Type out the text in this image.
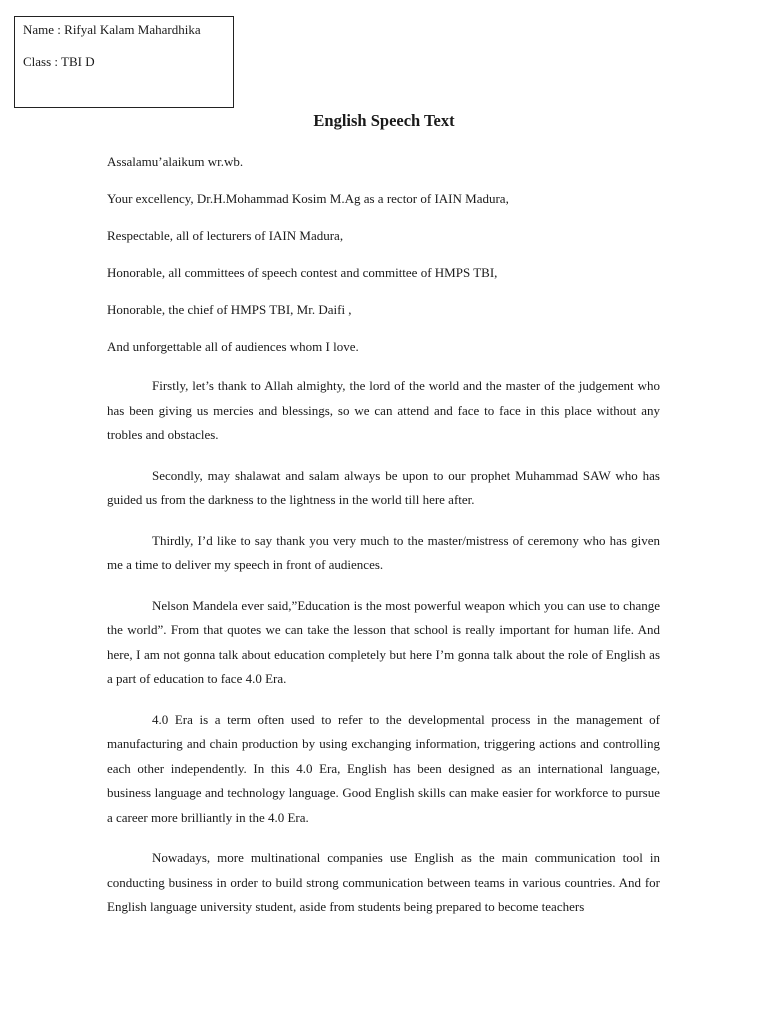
Name : Rifyal Kalam Mahardhika
Class : TBI D
English Speech Text

Assalamu’alaikum wr.wb.

Your excellency, Dr.H.Mohammad Kosim M.Ag as a rector of IAIN Madura,

Respectable, all of lecturers of IAIN Madura,

Honorable, all committees of speech contest and committee of HMPS TBI,

Honorable, the chief of HMPS TBI, Mr. Daifi ,

And unforgettable all of audiences whom I love.

Firstly, let’s thank to Allah almighty, the lord of the world and the master of the judgement who has been giving us mercies and blessings, so we can attend and face to face in this place without any trobles and obstacles.

Secondly, may shalawat and salam always be upon to our prophet Muhammad SAW who has guided us from the darkness to the lightness in the world till here after.

Thirdly, I’d like to say thank you very much to the master/mistress of ceremony who has given me a time to deliver my speech in front of audiences.

Nelson Mandela ever said,”Education is the most powerful weapon which you can use to change the world”. From that quotes we can take the lesson that school is really important for human life. And here, I am not gonna talk about education completely but here I’m gonna talk about the role of English as a part of education to face 4.0 Era.

4.0 Era is a term often used to refer to the developmental process in the management of manufacturing and chain production by using exchanging information, triggering actions and controlling each other independently. In this 4.0 Era, English has been designed as an international language, business language and technology language. Good English skills can make easier for workforce to pursue a career more brilliantly in the 4.0 Era.

Nowadays, more multinational companies use English as the main communication tool in conducting business in order to build strong communication between teams in various countries. And for English language university student, aside from students being prepared to become teachers
